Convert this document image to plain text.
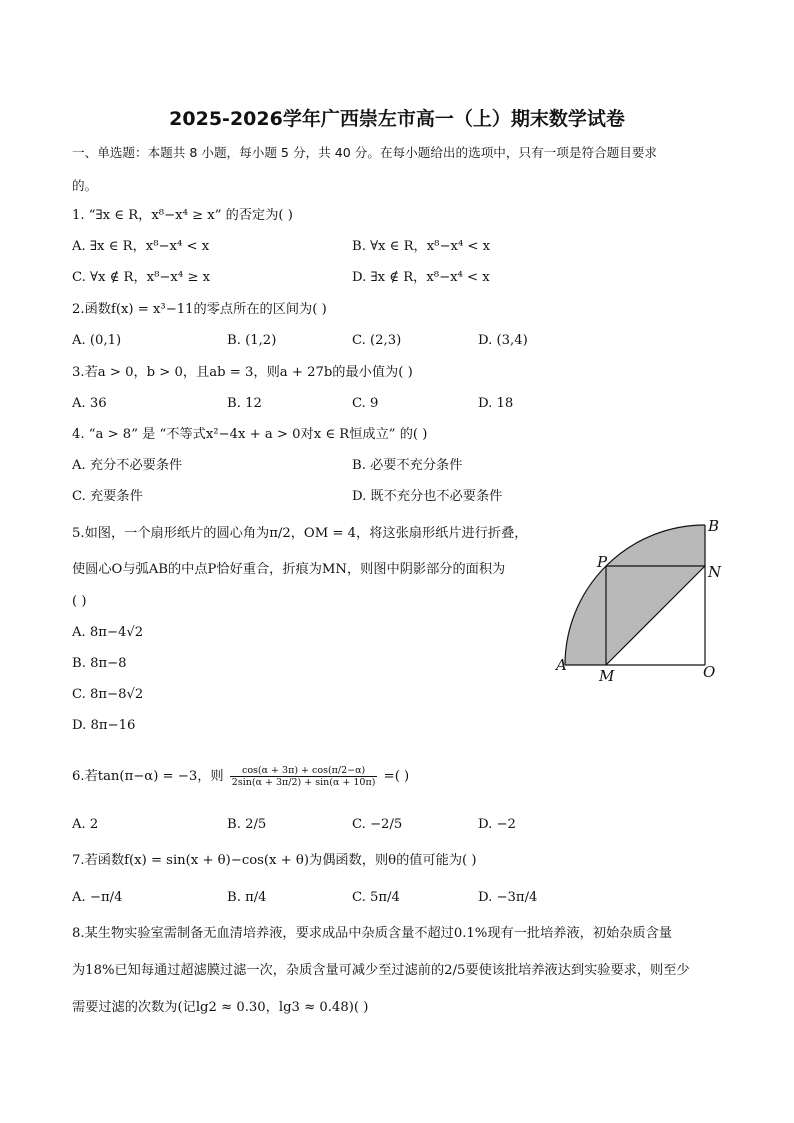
2025-2026学年广西崇左市高一（上）期末数学试卷
一、单选题：本题共 8 小题，每小题 5 分，共 40 分。在每小题给出的选项中，只有一项是符合题目要求
的。
1. “∃x ∈ R，x⁸−x⁴ ≥ x” 的否定为( )
A. ∃x ∈ R，x⁸−x⁴ < x	B. ∀x ∈ R，x⁸−x⁴ < x
C. ∀x ∉ R，x⁸−x⁴ ≥ x	D. ∃x ∉ R，x⁸−x⁴ < x
2.函数f(x) = x³−11的零点所在的区间为( )
A. (0,1)	B. (1,2)	C. (2,3)	D. (3,4)
3.若a > 0，b > 0，且ab = 3，则a + 27b的最小值为( )
A. 36	B. 12	C. 9	D. 18
4. “a > 8” 是 “不等式x²−4x + a > 0对x ∈ R恒成立” 的( )
A. 充分不必要条件	B. 必要不充分条件
C. 充要条件	D. 既不充分也不必要条件
5.如图，一个扇形纸片的圆心角为π/2，OM = 4，将这张扇形纸片进行折叠，
使圆心O与弧AB的中点P恰好重合，折痕为MN，则图中阴影部分的面积为
( )
A. 8π−4√2
B. 8π−8
C. 8π−8√2
D. 8π−16
B
P
N
A
M	O
6.若tan(π−α) = −3，则 $\frac{\cos(\alpha + 3\pi) + \cos(\pi/2-\alpha)}{2\sin(\alpha + 3\pi/2) + \sin(\alpha + 10\pi)}$ =( )
A. 2	B. 2/5	C. −2/5	D. −2
7.若函数f(x) = sin(x + θ)−cos(x + θ)为偶函数，则θ的值可能为( )
A. −π/4	B. π/4	C. 5π/4	D. −3π/4
8.某生物实验室需制备无血清培养液，要求成品中杂质含量不超过0.1%现有一批培养液，初始杂质含量
为18%已知每通过超滤膜过滤一次，杂质含量可减少至过滤前的2/5要使该批培养液达到实验要求，则至少
需要过滤的次数为(记lg2 ≈ 0.30，lg3 ≈ 0.48)( )
